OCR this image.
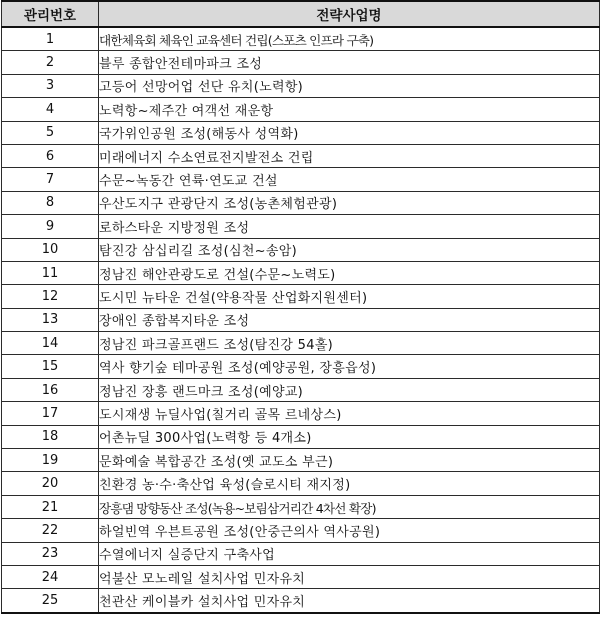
관리번호	전략사업명
1	대한체육회 체육인 교육센터 건립(스포츠 인프라 구축)
2	블루 종합안전테마파크 조성
3	고등어 선망어업 선단 유치(노력항)
4	노력항~제주간 여객선 재운항
5	국가위인공원 조성(해동사 성역화)
6	미래에너지 수소연료전지발전소 건립
7	수문~녹동간 연륙·연도교 건설
8	우산도지구 관광단지 조성(농촌체험관광)
9	로하스타운 지방정원 조성
10	탐진강 삼십리길 조성(심천~송암)
11	정남진 해안관광도로 건설(수문~노력도)
12	도시민 뉴타운 건설(약용작물 산업화지원센터)
13	장애인 종합복지타운 조성
14	정남진 파크골프랜드 조성(탐진강 54홀)
15	역사 향기숲 테마공원 조성(예양공원, 장흥읍성)
16	정남진 장흥 랜드마크 조성(예양교)
17	도시재생 뉴딜사업(칠거리 골목 르네상스)
18	어촌뉴딜 300사업(노력항 등 4개소)
19	문화예술 복합공간 조성(옛 교도소 부근)
20	친환경 농·수·축산업 육성(슬로시티 재지정)
21	장흥댐 망향동산 조성(녹용~보림삼거리간 4차선 확장)
22	하얼빈역 우븐트공원 조성(안중근의사 역사공원)
23	수열에너지 실증단지 구축사업
24	억불산 모노레일 설치사업 민자유치
25	천관산 케이블카 설치사업 민자유치
